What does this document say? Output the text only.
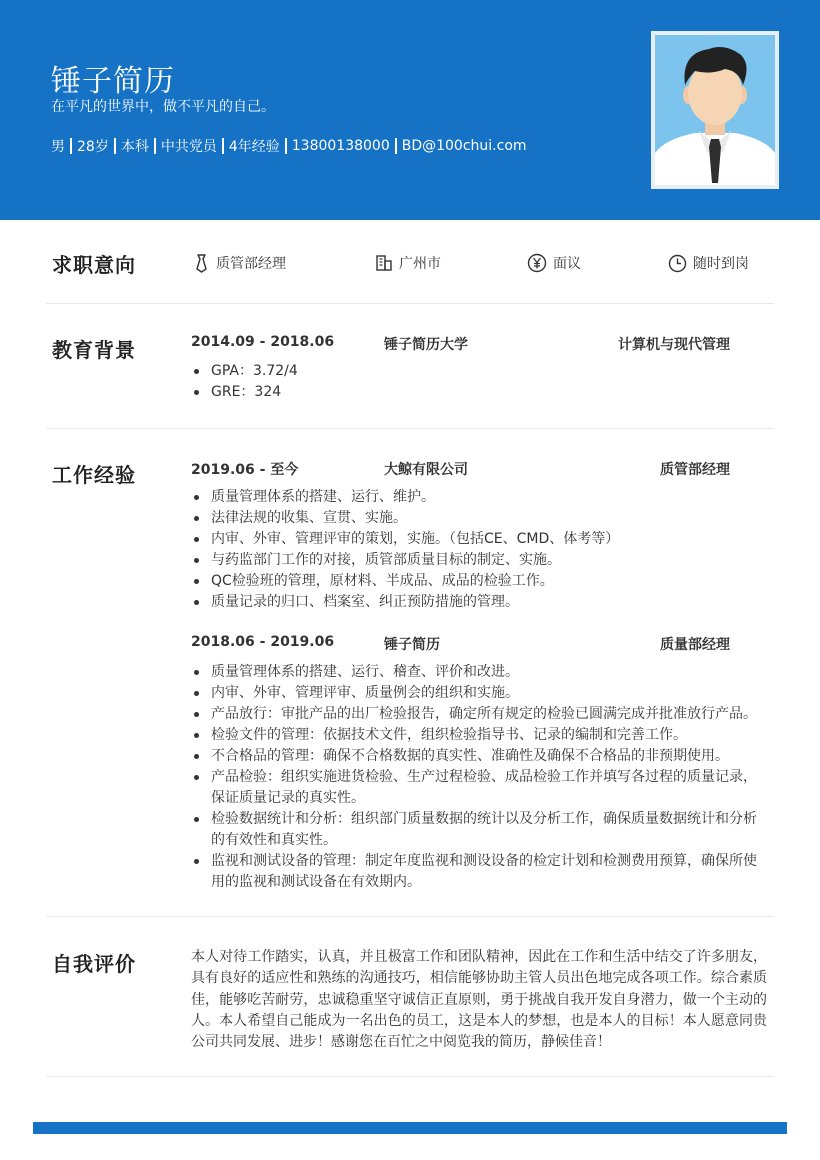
锤子简历
在平凡的世界中，做不平凡的自己。
男 28岁 本科 中共党员 4年经验 13800138000 BD@100chui.com
求职意向	质管部经理	广州市	面议	随时到岗
教育背景	2014.09 - 2018.06	锤子简历大学	计算机与现代管理
GPA：3.72/4
GRE：324
工作经验	2019.06 - 至今	大鲸有限公司	质管部经理
质量管理体系的搭建、运行、维护。
法律法规的收集、宣贯、实施。
内审、外审、管理评审的策划，实施。（包括CE、CMD、体考等）
与药监部门工作的对接，质管部质量目标的制定、实施。
QC检验班的管理，原材料、半成品、成品的检验工作。
质量记录的归口、档案室、纠正预防措施的管理。
2018.06 - 2019.06	锤子简历	质量部经理
质量管理体系的搭建、运行、稽查、评价和改进。
内审、外审、管理评审、质量例会的组织和实施。
产品放行：审批产品的出厂检验报告，确定所有规定的检验已圆满完成并批准放行产品。
检验文件的管理：依据技术文件，组织检验指导书、记录的编制和完善工作。
不合格品的管理：确保不合格数据的真实性、准确性及确保不合格品的非预期使用。
产品检验：组织实施进货检验、生产过程检验、成品检验工作并填写各过程的质量记录，保证质量记录的真实性。
检验数据统计和分析：组织部门质量数据的统计以及分析工作，确保质量数据统计和分析的有效性和真实性。
监视和测试设备的管理：制定年度监视和测设设备的检定计划和检测费用预算，确保所使用的监视和测试设备在有效期内。
自我评价	本人对待工作踏实，认真，并且极富工作和团队精神，因此在工作和生活中结交了许多朋友，具有良好的适应性和熟练的沟通技巧，相信能够协助主管人员出色地完成各项工作。综合素质佳，能够吃苦耐劳，忠诚稳重坚守诚信正直原则，勇于挑战自我开发自身潜力，做一个主动的人。本人希望自己能成为一名出色的员工，这是本人的梦想，也是本人的目标！本人愿意同贵公司共同发展、进步！感谢您在百忙之中阅览我的简历，静候佳音！
